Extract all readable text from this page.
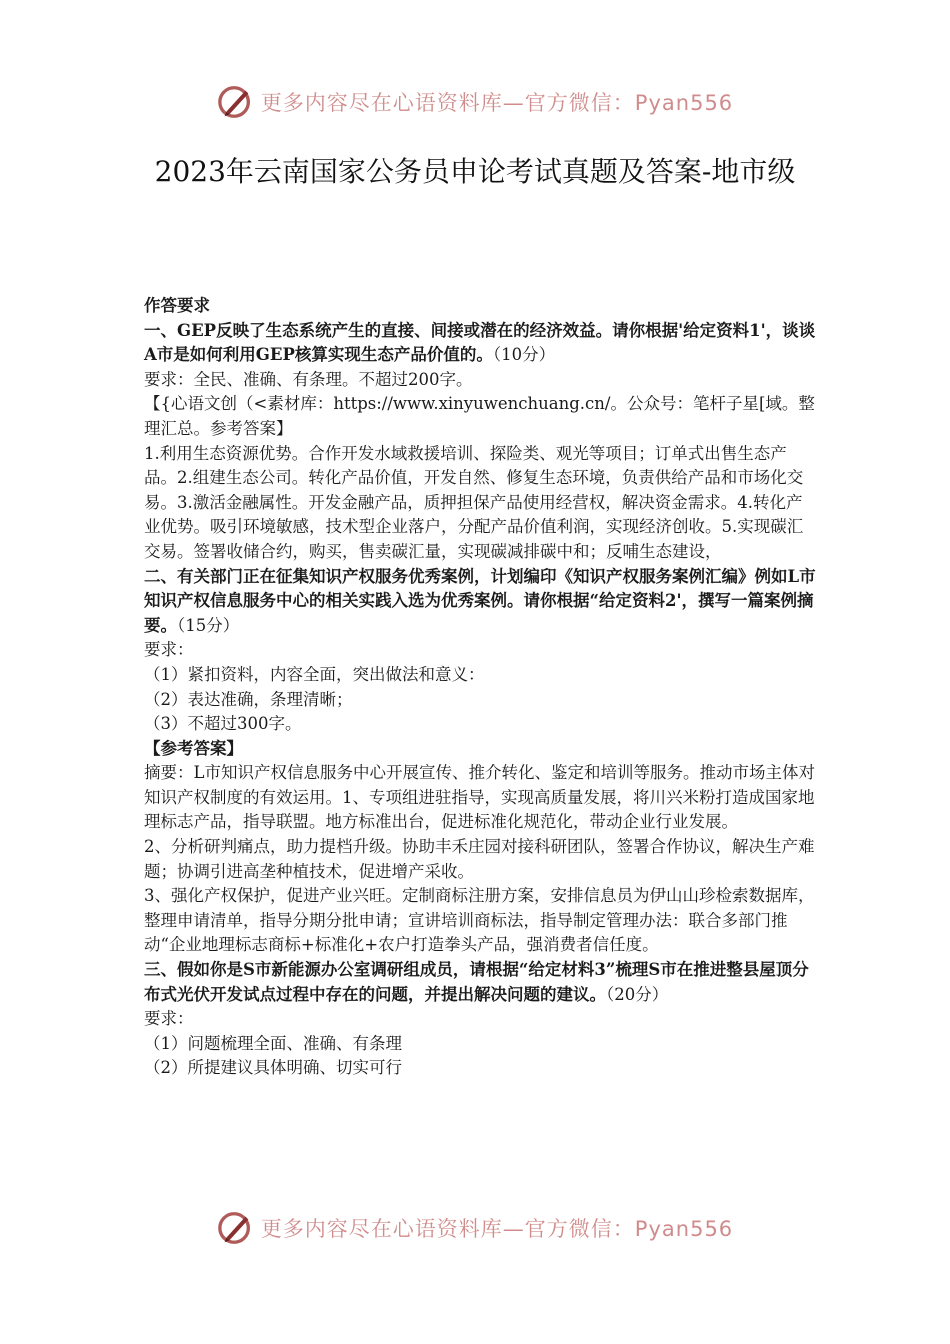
更多内容尽在心语资料库—官方微信：Pyan556
2023年云南国家公务员申论考试真题及答案-地市级

作答要求

一、GEP反映了生态系统产生的直接、间接或潜在的经济效益。请你根据'给定资料1'，谈谈A市是如何利用GEP核算实现生态产品价值的。（10分）

要求：全民、准确、有条理。不超过200字。

【{心语文创（<素材库：https://www.xinyuwenchuang.cn/。公众号：笔杆子星[域。整理汇总。参考答案】

1.利用生态资源优势。合作开发水域救援培训、探险类、观光等项目；订单式出售生态产品。2.组建生态公司。转化产品价值，开发自然、修复生态环境，负责供给产品和市场化交易。3.激活金融属性。开发金融产品，质押担保产品使用经营权，解决资金需求。4.转化产业优势。吸引环境敏感，技术型企业落户，分配产品价值利润，实现经济创收。5.实现碳汇交易。签署收储合约，购买，售卖碳汇量，实现碳减排碳中和；反哺生态建设，

二、有关部门正在征集知识产权服务优秀案例，计划编印《知识产权服务案例汇编》例如L市知识产权信息服务中心的相关实践入选为优秀案例。请你根据“给定资料2'，撰写一篇案例摘要。（15分）

要求：

（1）紧扣资料，内容全面，突出做法和意义：

（2）表达准确，条理清晰；

（3）不超过300字。

【参考答案】

摘要：L市知识产权信息服务中心开展宣传、推介转化、鉴定和培训等服务。推动市场主体对知识产权制度的有效运用。1、专项组进驻指导，实现高质量发展，将川兴米粉打造成国家地理标志产品，指导联盟。地方标准出台，促进标准化规范化，带动企业行业发展。

2、分析研判痛点，助力提档升级。协助丰禾庄园对接科研团队，签署合作协议，解决生产难题；协调引进高垄种植技术，促进增产采收。

3、强化产权保护，促进产业兴旺。定制商标注册方案，安排信息员为伊山山珍检索数据库，整理申请清单，指导分期分批申请；宣讲培训商标法，指导制定管理办法：联合多部门推动“企业地理标志商标+标准化+农户打造拳头产品，强消费者信任度。

三、假如你是S市新能源办公室调研组成员，请根据“给定材料3”梳理S市在推进整县屋顶分布式光伏开发试点过程中存在的问题，并提出解决问题的建议。（20分）

要求：

（1）问题梳理全面、准确、有条理

（2）所提建议具体明确、切实可行

更多内容尽在心语资料库—官方微信：Pyan556
